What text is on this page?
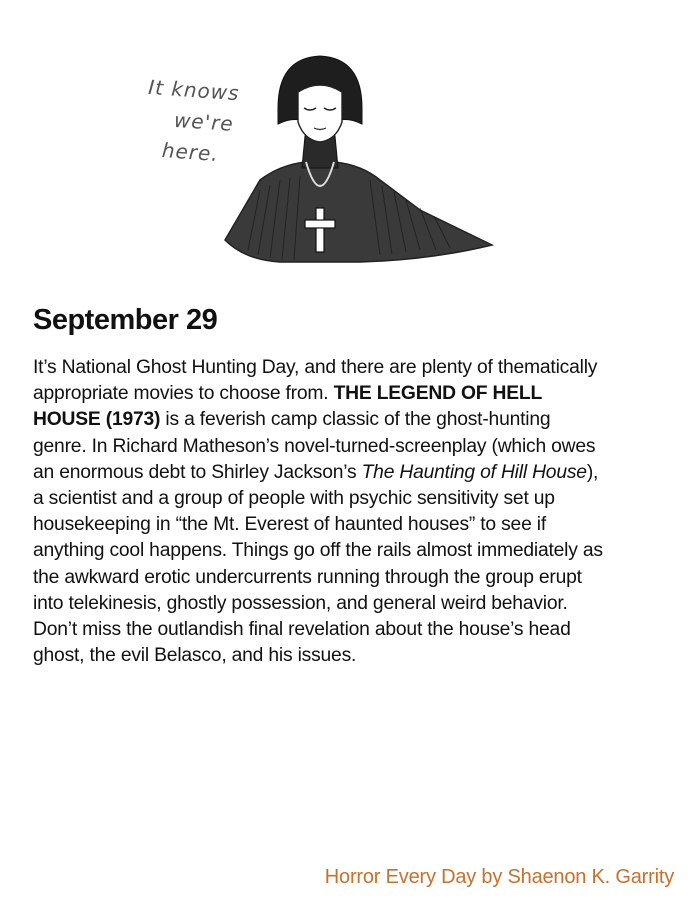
It knows
we're
here.
September 29

It’s National Ghost Hunting Day, and there are plenty of thematically appropriate movies to choose from. THE LEGEND OF HELL HOUSE (1973) is a feverish camp classic of the ghost-hunting genre. In Richard Matheson’s novel-turned-screenplay (which owes an enormous debt to Shirley Jackson’s The Haunting of Hill House), a scientist and a group of people with psychic sensitivity set up housekeeping in “the Mt. Everest of haunted houses” to see if anything cool happens. Things go off the rails almost immediately as the awkward erotic undercurrents running through the group erupt into telekinesis, ghostly possession, and general weird behavior. Don’t miss the outlandish final revelation about the house’s head ghost, the evil Belasco, and his issues.

Horror Every Day by Shaenon K. Garrity
